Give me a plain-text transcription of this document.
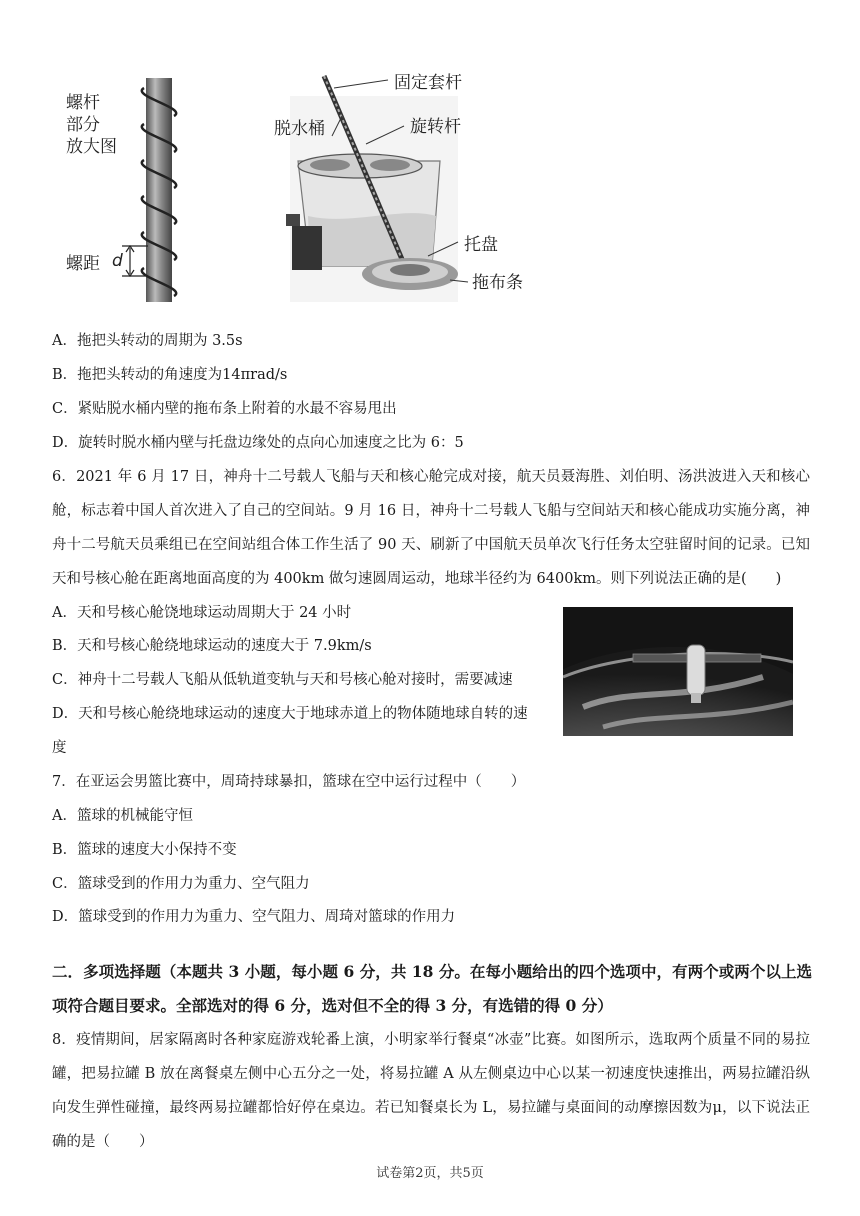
螺杆
部分
放大图
螺距 d
固定套杆
脱水桶	旋转杆
托盘
拖布条
A．拖把头转动的周期为 3.5s
B．拖把头转动的角速度为14πrad/s
C．紧贴脱水桶内壁的拖布条上附着的水最不容易甩出
D．旋转时脱水桶内壁与托盘边缘处的点向心加速度之比为 6：5
6．2021 年 6 月 17 日，神舟十二号载人飞船与天和核心舱完成对接，航天员聂海胜、刘伯明、汤洪波进入天和核心舱，标志着中国人首次进入了自己的空间站。9 月 16 日，神舟十二号载人飞船与空间站天和核心能成功实施分离，神舟十二号航天员乘组已在空间站组合体工作生活了 90 天、刷新了中国航天员单次飞行任务太空驻留时间的记录。已知天和号核心舱在距离地面高度的为 400km 做匀速圆周运动，地球半径约为 6400km。则下列说法正确的是(　　)
A．天和号核心舱饶地球运动周期大于 24 小时
B．天和号核心舱绕地球运动的速度大于 7.9km/s
C．神舟十二号载人飞船从低轨道变轨与天和号核心舱对接时，需要减速
D．天和号核心舱绕地球运动的速度大于地球赤道上的物体随地球自转的速
度
7．在亚运会男篮比赛中，周琦持球暴扣，篮球在空中运行过程中（　　）
A．篮球的机械能守恒
B．篮球的速度大小保持不变
C．篮球受到的作用力为重力、空气阻力
D．篮球受到的作用力为重力、空气阻力、周琦对篮球的作用力
二．多项选择题（本题共 3 小题，每小题 6 分，共 18 分。在每小题给出的四个选项中，有两个或两个以上选项符合题目要求。全部选对的得 6 分，选对但不全的得 3 分，有选错的得 0 分）
8．疫情期间，居家隔离时各种家庭游戏轮番上演，小明家举行餐桌“冰壶”比赛。如图所示，选取两个质量不同的易拉罐，把易拉罐 B 放在离餐桌左侧中心五分之一处，将易拉罐 A 从左侧桌边中心以某一初速度快速推出，两易拉罐沿纵向发生弹性碰撞，最终两易拉罐都恰好停在桌边。若已知餐桌长为 L，易拉罐与桌面间的动摩擦因数为μ，以下说法正确的是（　　）
试卷第2页，共5页
